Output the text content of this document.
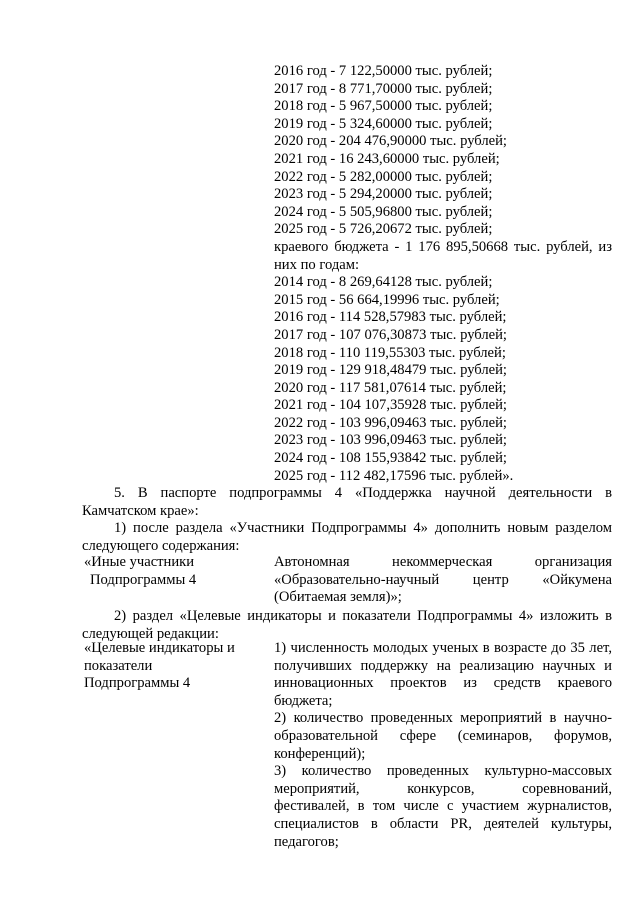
2016 год - 7 122,50000 тыс. рублей;
2017 год - 8 771,70000 тыс. рублей;
2018 год - 5 967,50000 тыс. рублей;
2019 год - 5 324,60000 тыс. рублей;
2020 год - 204 476,90000 тыс. рублей;
2021 год - 16 243,60000 тыс. рублей;
2022 год - 5 282,00000 тыс. рублей;
2023 год - 5 294,20000 тыс. рублей;
2024 год - 5 505,96800 тыс. рублей;
2025 год - 5 726,20672 тыс. рублей;
краевого бюджета - 1 176 895,50668 тыс. рублей, из
них по годам:
2014 год - 8 269,64128 тыс. рублей;
2015 год - 56 664,19996 тыс. рублей;
2016 год - 114 528,57983 тыс. рублей;
2017 год - 107 076,30873 тыс. рублей;
2018 год - 110 119,55303 тыс. рублей;
2019 год - 129 918,48479 тыс. рублей;
2020 год - 117 581,07614 тыс. рублей;
2021 год - 104 107,35928 тыс. рублей;
2022 год - 103 996,09463 тыс. рублей;
2023 год - 103 996,09463 тыс. рублей;
2024 год - 108 155,93842 тыс. рублей;
2025 год - 112 482,17596 тыс. рублей».
5. В паспорте подпрограммы 4 «Поддержка научной деятельности в
Камчатском крае»:
1) после раздела «Участники Подпрограммы 4» дополнить новым разделом
следующего содержания:
«Иные участники
Подпрограммы 4
Автономная некоммерческая организация
«Образовательно-научный центр «Ойкумена
(Обитаемая земля)»;
2) раздел «Целевые индикаторы и показатели Подпрограммы 4» изложить в
следующей редакции:
«Целевые индикаторы и
показатели
Подпрограммы 4
1) численность молодых ученых в возрасте до 35 лет,
получивших поддержку на реализацию научных и
инновационных проектов из средств краевого
бюджета;
2) количество проведенных мероприятий в научно-
образовательной сфере (семинаров, форумов,
конференций);
3) количество проведенных культурно-массовых
мероприятий, конкурсов, соревнований,
фестивалей, в том числе с участием журналистов,
специалистов в области PR, деятелей культуры,
педагогов;
